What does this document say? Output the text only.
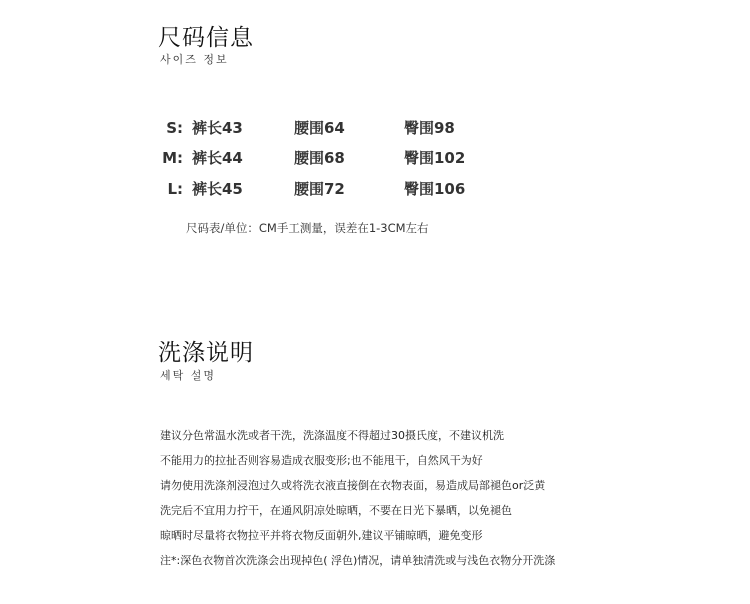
尺码信息
사이즈 정보
S: 裤长43	腰围64	臀围98
M: 裤长44	腰围68	臀围102
L: 裤长45	腰围72	臀围106
尺码表/单位：CM手工测量，误差在1-3CM左右
洗涤说明
세탁 설명
建议分色常温水洗或者干洗，洗涤温度不得超过30摄氏度，不建议机洗
不能用力的拉扯否则容易造成衣服变形;也不能甩干，自然风干为好
请勿使用洗涤剂浸泡过久或将洗衣液直接倒在衣物表面，易造成局部褪色or泛黄
洗完后不宜用力拧干，在通风阴凉处晾晒，不要在日光下暴晒，以免褪色
晾晒时尽量将衣物拉平并将衣物反面朝外,建议平铺晾晒，避免变形
注*:深色衣物首次洗涤会出现掉色( 浮色)情况，请单独清洗或与浅色衣物分开洗涤
